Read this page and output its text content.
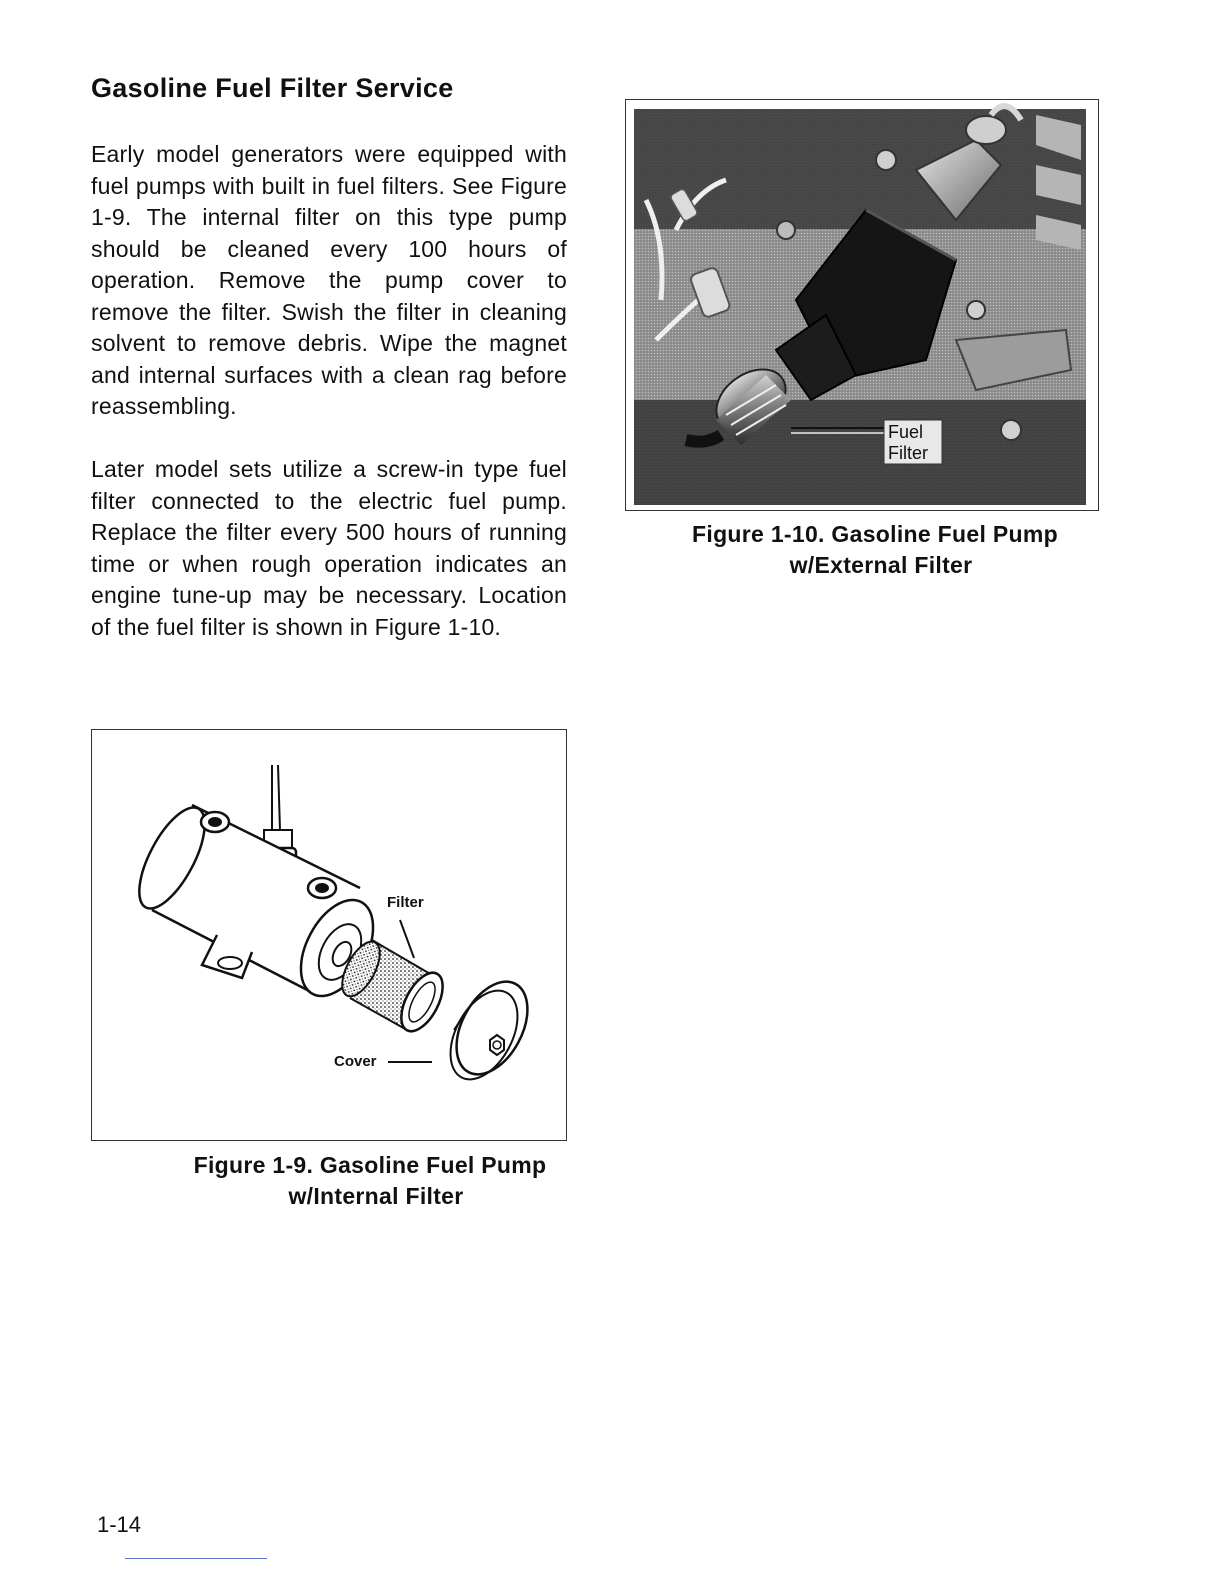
Gasoline Fuel Filter Service

Early model generators were equipped with fuel pumps with built in fuel filters. See Figure 1-9. The internal filter on this type pump should be cleaned every 100 hours of operation. Remove the pump cover to remove the filter. Swish the filter in cleaning solvent to remove debris. Wipe the magnet and internal surfaces with a clean rag before reassembling.

Later model sets utilize a screw-in type fuel filter connected to the electric fuel pump. Replace the filter every 500 hours of running time or when rough operation indicates an engine tune-up may be necessary. Location of the fuel filter is shown in Figure 1-10.

Filter
Cover

Figure 1-9. Gasoline Fuel Pump
w/Internal Filter

Fuel
Filter

Figure 1-10. Gasoline Fuel Pump
w/External Filter

1-14
